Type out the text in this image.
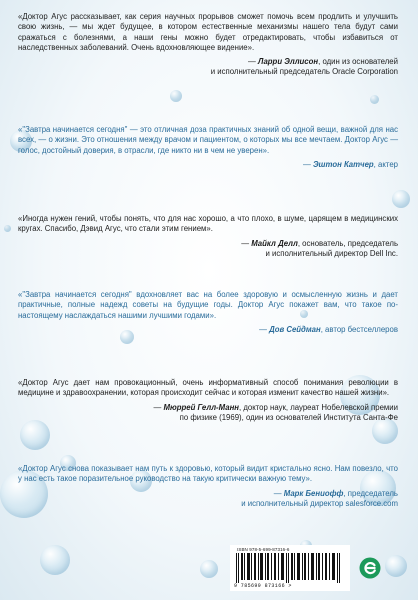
«Доктор Агус рассказывает, как серия научных прорывов сможет помочь всем продлить и улучшить свою жизнь, — мы ждет будущее, в котором естественные механизмы нашего тела будут сами сражаться с болезнями, а наши гены можно будет отредактировать, чтобы избавиться от наследственных заболеваний. Очень вдохновляющее видение».

— Ларри Эллисон, один из основателей
и исполнительный председатель Oracle Corporation

«"Завтра начинается сегодня" — это отличная доза практичных знаний об одной вещи, важной для нас всех, — о жизни. Это отношения между врачом и пациентом, о которых мы все мечтаем. Доктор Агус — голос, достойный доверия, в отрасли, где никто ни в чем не уверен».

— Эштон Катчер, актер

«Иногда нужен гений, чтобы понять, что для нас хорошо, а что плохо, в шуме, царящем в медицинских кругах. Спасибо, Дэвид Агус, что стали этим гением».

— Майкл Делл, основатель, председатель
и исполнительный директор Dell Inc.

«"Завтра начинается сегодня" вдохновляет вас на более здоровую и осмысленную жизнь и дает практичные, полные надежд советы на будущие годы. Доктор Агус покажет вам, что такое по-настоящему наслаждаться нашими лучшими годами».

— Дов Сейдман, автор бестселлеров

«Доктор Агус дает нам провокационный, очень информативный способ понимания революции в медицине и здравоохранении, которая происходит сейчас и которая изменит качество нашей жизни».

— Мюррей Гелл-Манн, доктор наук, лауреат Нобелевской премии
по физике (1969), один из основателей Института Санта-Фе

«Доктор Агус снова показывает нам путь к здоровью, который видит кристально ясно. Нам повезло, что у нас есть такое поразительное руководство на такую критически важную тему».

— Марк Бениофф, председатель
и исполнительный директор salesforce.com

ISBN 978-5-699-87316-6
9 785699 873166 >
